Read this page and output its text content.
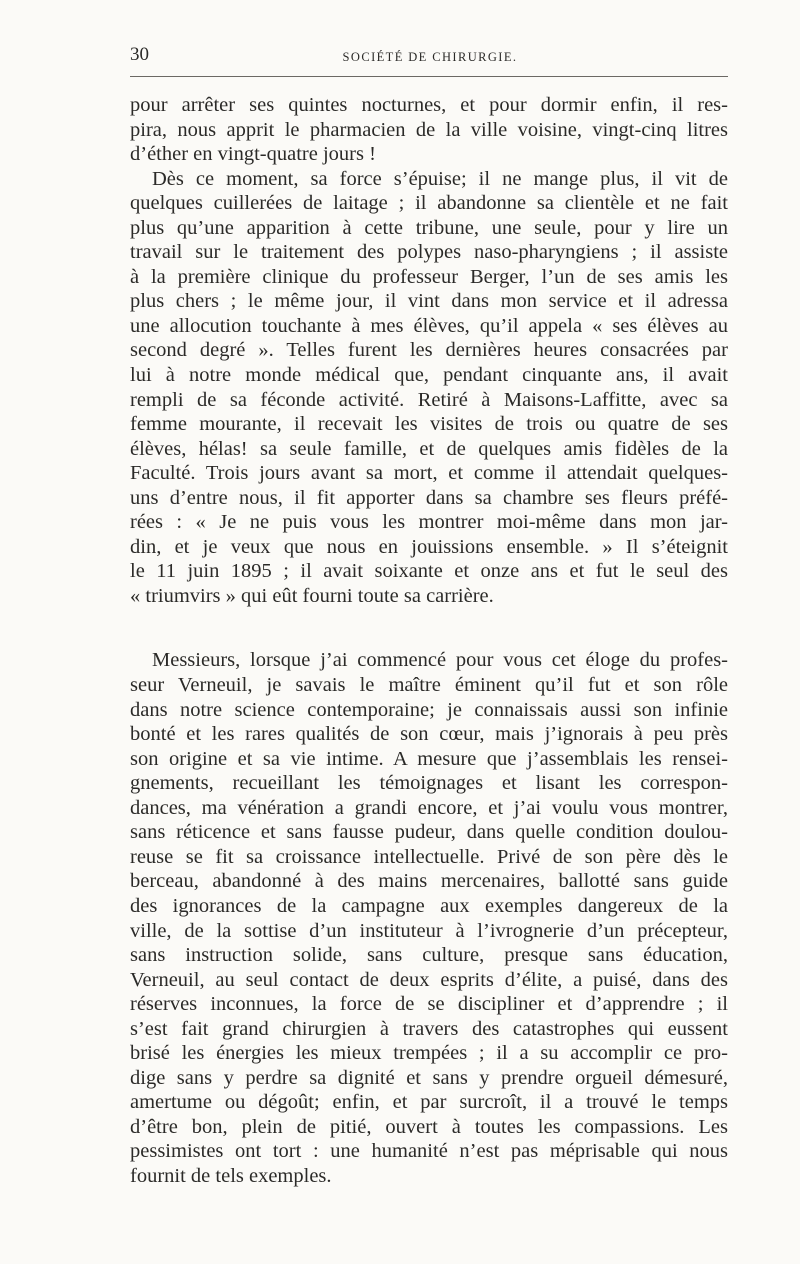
30	SOCIÉTÉ DE CHIRURGIE.
pour arrêter ses quintes nocturnes, et pour dormir enfin, il res-
pira, nous apprit le pharmacien de la ville voisine, vingt-cinq litres
d’éther en vingt-quatre jours !
Dès ce moment, sa force s’épuise; il ne mange plus, il vit de
quelques cuillerées de laitage ; il abandonne sa clientèle et ne fait
plus qu’une apparition à cette tribune, une seule, pour y lire un
travail sur le traitement des polypes naso-pharyngiens ; il assiste
à la première clinique du professeur Berger, l’un de ses amis les
plus chers ; le même jour, il vint dans mon service et il adressa
une allocution touchante à mes élèves, qu’il appela « ses élèves au
second degré ». Telles furent les dernières heures consacrées par
lui à notre monde médical que, pendant cinquante ans, il avait
rempli de sa féconde activité. Retiré à Maisons-Laffitte, avec sa
femme mourante, il recevait les visites de trois ou quatre de ses
élèves, hélas! sa seule famille, et de quelques amis fidèles de la
Faculté. Trois jours avant sa mort, et comme il attendait quelques-
uns d’entre nous, il fit apporter dans sa chambre ses fleurs préfé-
rées : « Je ne puis vous les montrer moi-même dans mon jar-
din, et je veux que nous en jouissions ensemble. » Il s’éteignit
le 11 juin 1895 ; il avait soixante et onze ans et fut le seul des
« triumvirs » qui eût fourni toute sa carrière.
Messieurs, lorsque j’ai commencé pour vous cet éloge du profes-
seur Verneuil, je savais le maître éminent qu’il fut et son rôle
dans notre science contemporaine; je connaissais aussi son infinie
bonté et les rares qualités de son cœur, mais j’ignorais à peu près
son origine et sa vie intime. A mesure que j’assemblais les rensei-
gnements, recueillant les témoignages et lisant les correspon-
dances, ma vénération a grandi encore, et j’ai voulu vous montrer,
sans réticence et sans fausse pudeur, dans quelle condition doulou-
reuse se fit sa croissance intellectuelle. Privé de son père dès le
berceau, abandonné à des mains mercenaires, ballotté sans guide
des ignorances de la campagne aux exemples dangereux de la
ville, de la sottise d’un instituteur à l’ivrognerie d’un précepteur,
sans instruction solide, sans culture, presque sans éducation,
Verneuil, au seul contact de deux esprits d’élite, a puisé, dans des
réserves inconnues, la force de se discipliner et d’apprendre ; il
s’est fait grand chirurgien à travers des catastrophes qui eussent
brisé les énergies les mieux trempées ; il a su accomplir ce pro-
dige sans y perdre sa dignité et sans y prendre orgueil démesuré,
amertume ou dégoût; enfin, et par surcroît, il a trouvé le temps
d’être bon, plein de pitié, ouvert à toutes les compassions. Les
pessimistes ont tort : une humanité n’est pas méprisable qui nous
fournit de tels exemples.
